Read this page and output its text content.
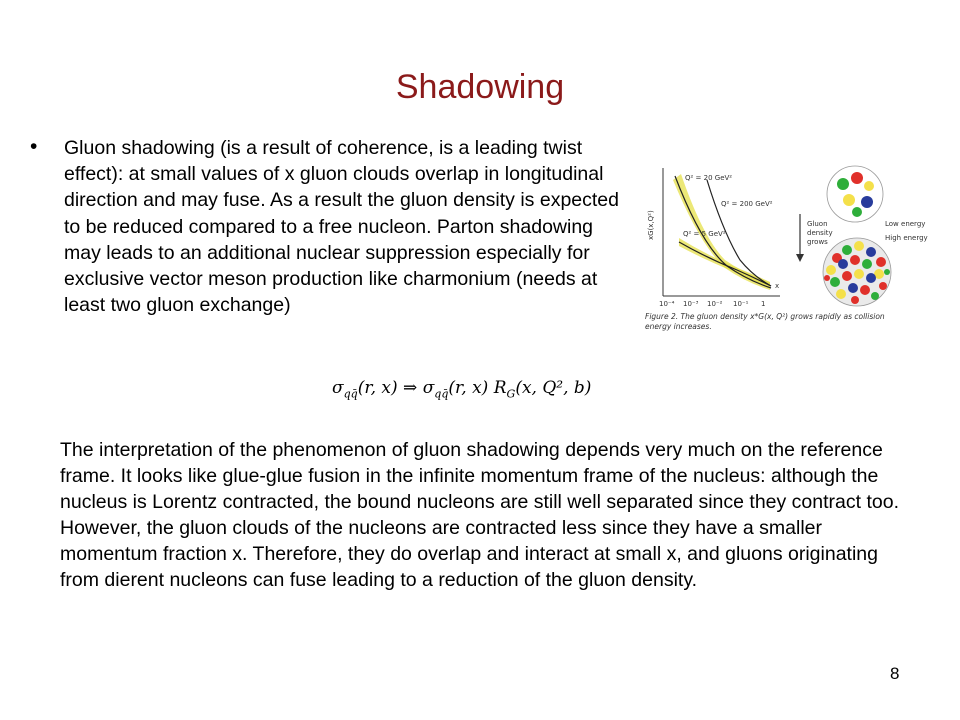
Shadowing
• Gluon shadowing (is a result of coherence, is a leading twist effect): at small values of x gluon clouds overlap in longitudinal direction and may fuse. As a result the gluon density is expected to be reduced compared to a free nucleon. Parton shadowing may leads to an additional nuclear suppression especially for exclusive vector meson production like charmonium (needs at least two gluon exchange)
xG(x,Q²)
x
10⁻⁴ 10⁻³ 10⁻² 10⁻¹ 1
Q² = 20 GeV²
Q² = 200 GeV²
Q² = 5 GeV²
Gluon
density
grows
Low energy
High energy
Figure 2. The gluon density x*G(x, Q²) grows rapidly as collision energy increases.
$\sigma_{qq̄}(r$, x) ⇒ $\sigma_{qq̄}(r$, x) $R_G(x$, Q², b)
The interpretation of the phenomenon of gluon shadowing depends very much on the reference frame. It looks like glue-glue fusion in the infinite momentum frame of the nucleus: although the nucleus is Lorentz contracted, the bound nucleons are still well separated since they contract too. However, the gluon clouds of the nucleons are contracted less since they have a smaller momentum fraction x. Therefore, they do overlap and interact at small x, and gluons originating from dierent nucleons can fuse leading to a reduction of the gluon density.
8
